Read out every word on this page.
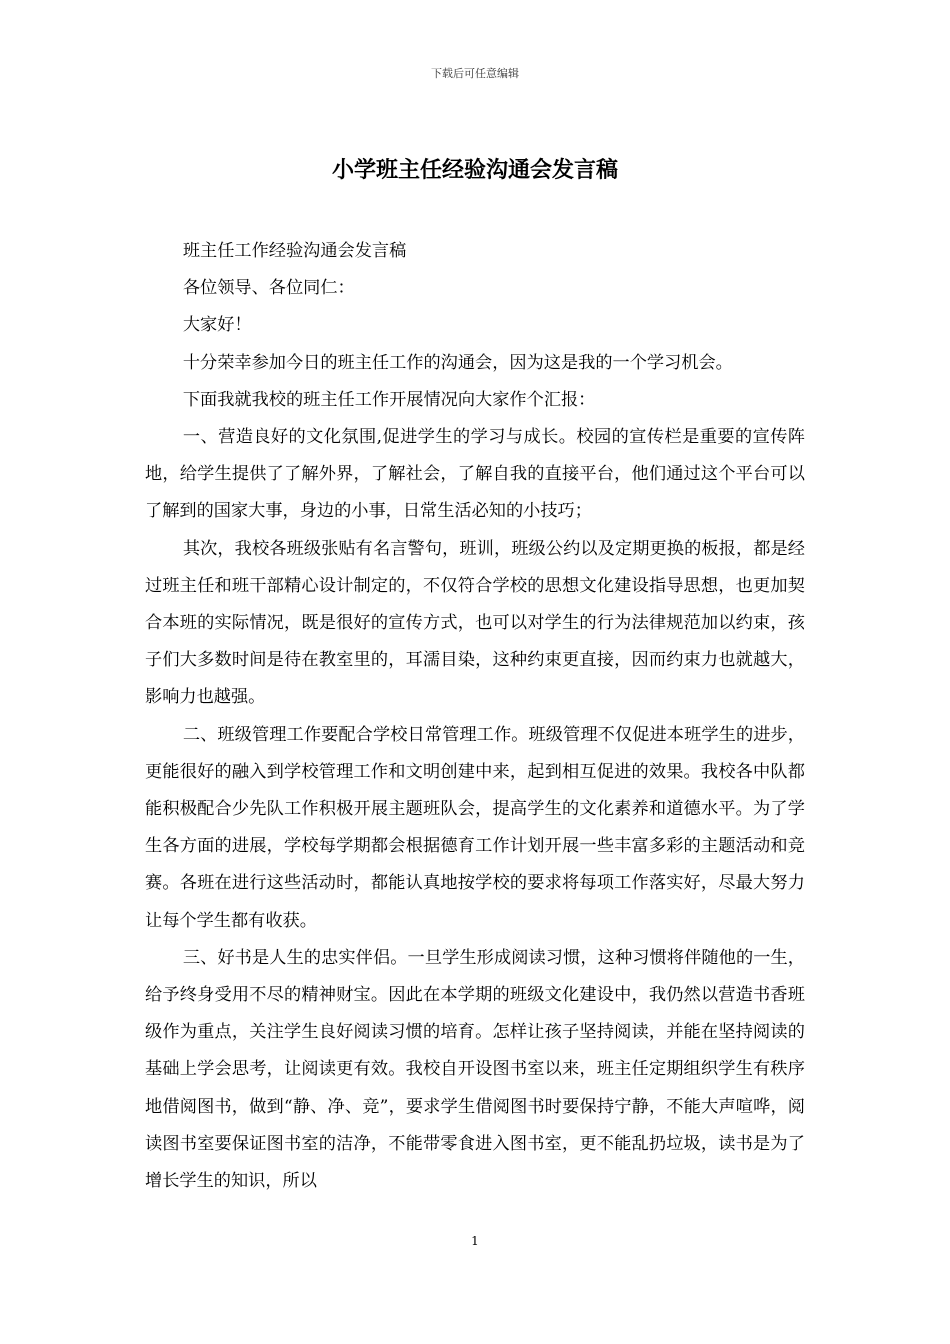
下载后可任意编辑
小学班主任经验沟通会发言稿

班主任工作经验沟通会发言稿

各位领导、各位同仁：

大家好！

十分荣幸参加今日的班主任工作的沟通会，因为这是我的一个学习机会。

下面我就我校的班主任工作开展情况向大家作个汇报：

一、营造良好的文化氛围,促进学生的学习与成长。校园的宣传栏是重要的宣传阵地，给学生提供了了解外界，了解社会，了解自我的直接平台，他们通过这个平台可以了解到的国家大事，身边的小事，日常生活必知的小技巧；

其次，我校各班级张贴有名言警句，班训，班级公约以及定期更换的板报，都是经过班主任和班干部精心设计制定的，不仅符合学校的思想文化建设指导思想，也更加契合本班的实际情况，既是很好的宣传方式，也可以对学生的行为法律规范加以约束，孩子们大多数时间是待在教室里的，耳濡目染，这种约束更直接，因而约束力也就越大，影响力也越强。

二、班级管理工作要配合学校日常管理工作。班级管理不仅促进本班学生的进步，更能很好的融入到学校管理工作和文明创建中来，起到相互促进的效果。我校各中队都能积极配合少先队工作积极开展主题班队会，提高学生的文化素养和道德水平。为了学生各方面的进展，学校每学期都会根据德育工作计划开展一些丰富多彩的主题活动和竞赛。各班在进行这些活动时，都能认真地按学校的要求将每项工作落实好，尽最大努力让每个学生都有收获。

三、好书是人生的忠实伴侣。一旦学生形成阅读习惯，这种习惯将伴随他的一生，给予终身受用不尽的精神财宝。因此在本学期的班级文化建设中，我仍然以营造书香班级作为重点，关注学生良好阅读习惯的培育。怎样让孩子坚持阅读，并能在坚持阅读的基础上学会思考，让阅读更有效。我校自开设图书室以来，班主任定期组织学生有秩序地借阅图书，做到“静、净、竞”，要求学生借阅图书时要保持宁静，不能大声喧哗，阅读图书室要保证图书室的洁净，不能带零食进入图书室，更不能乱扔垃圾，读书是为了增长学生的知识，所以

1
